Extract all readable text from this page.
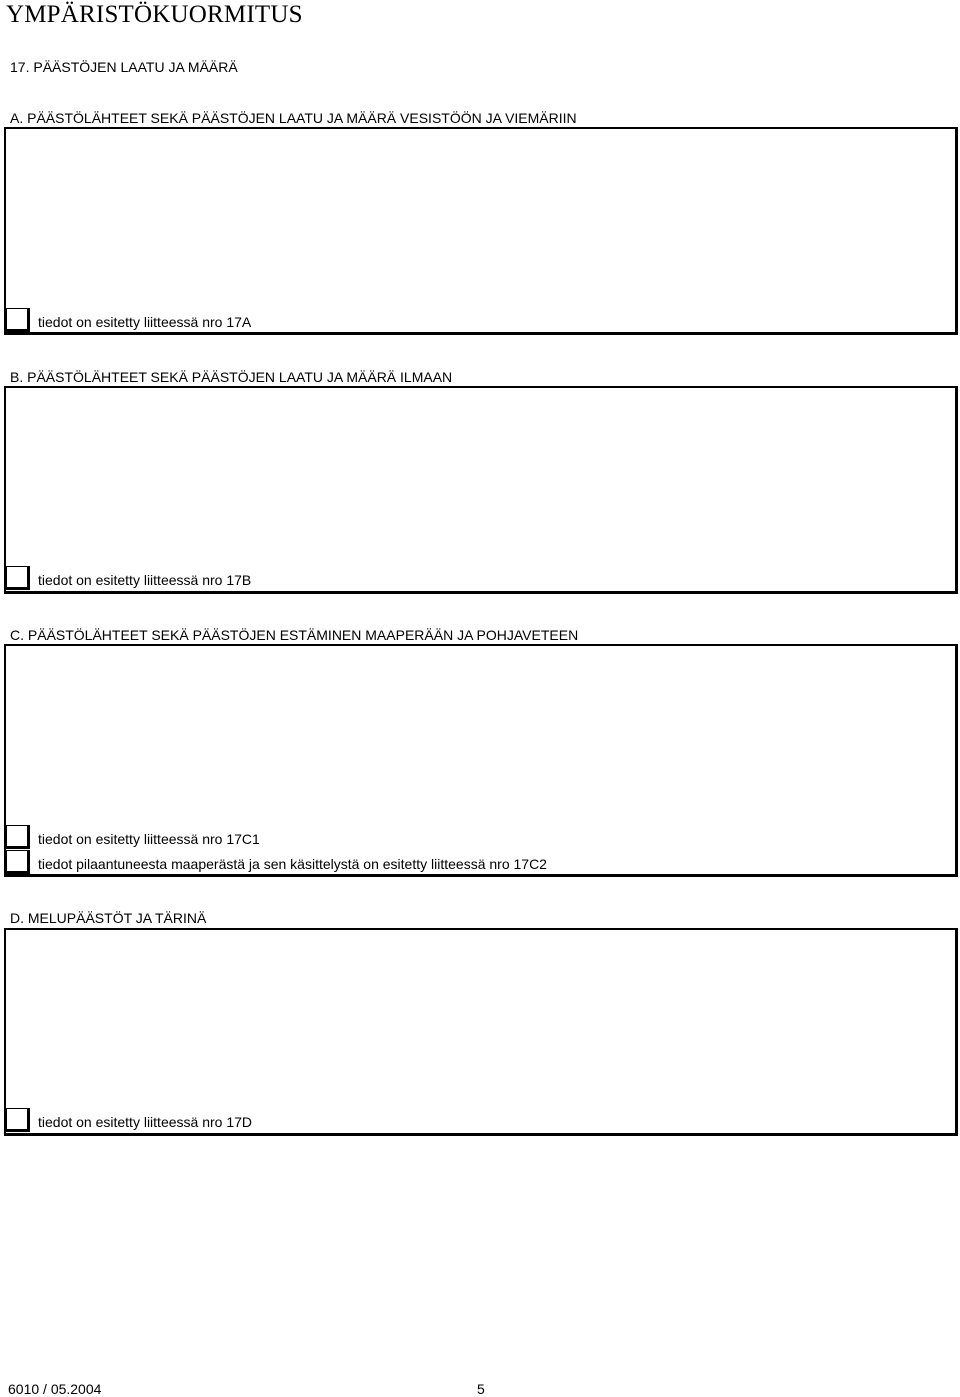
YMPÄRISTÖKUORMITUS
17. PÄÄSTÖJEN LAATU JA MÄÄRÄ
A. PÄÄSTÖLÄHTEET SEKÄ PÄÄSTÖJEN LAATU JA MÄÄRÄ VESISTÖÖN JA VIEMÄRIIN
tiedot on esitetty liitteessä nro 17A
B. PÄÄSTÖLÄHTEET SEKÄ PÄÄSTÖJEN LAATU JA MÄÄRÄ ILMAAN
tiedot on esitetty liitteessä nro 17B
C. PÄÄSTÖLÄHTEET SEKÄ PÄÄSTÖJEN ESTÄMINEN MAAPERÄÄN JA POHJAVETEEN
tiedot on esitetty liitteessä nro 17C1
tiedot pilaantuneesta maaperästä ja sen käsittelystä on esitetty liitteessä nro 17C2
D. MELUPÄÄSTÖT JA TÄRINÄ
tiedot on esitetty liitteessä nro 17D
6010 / 05.2004	5
